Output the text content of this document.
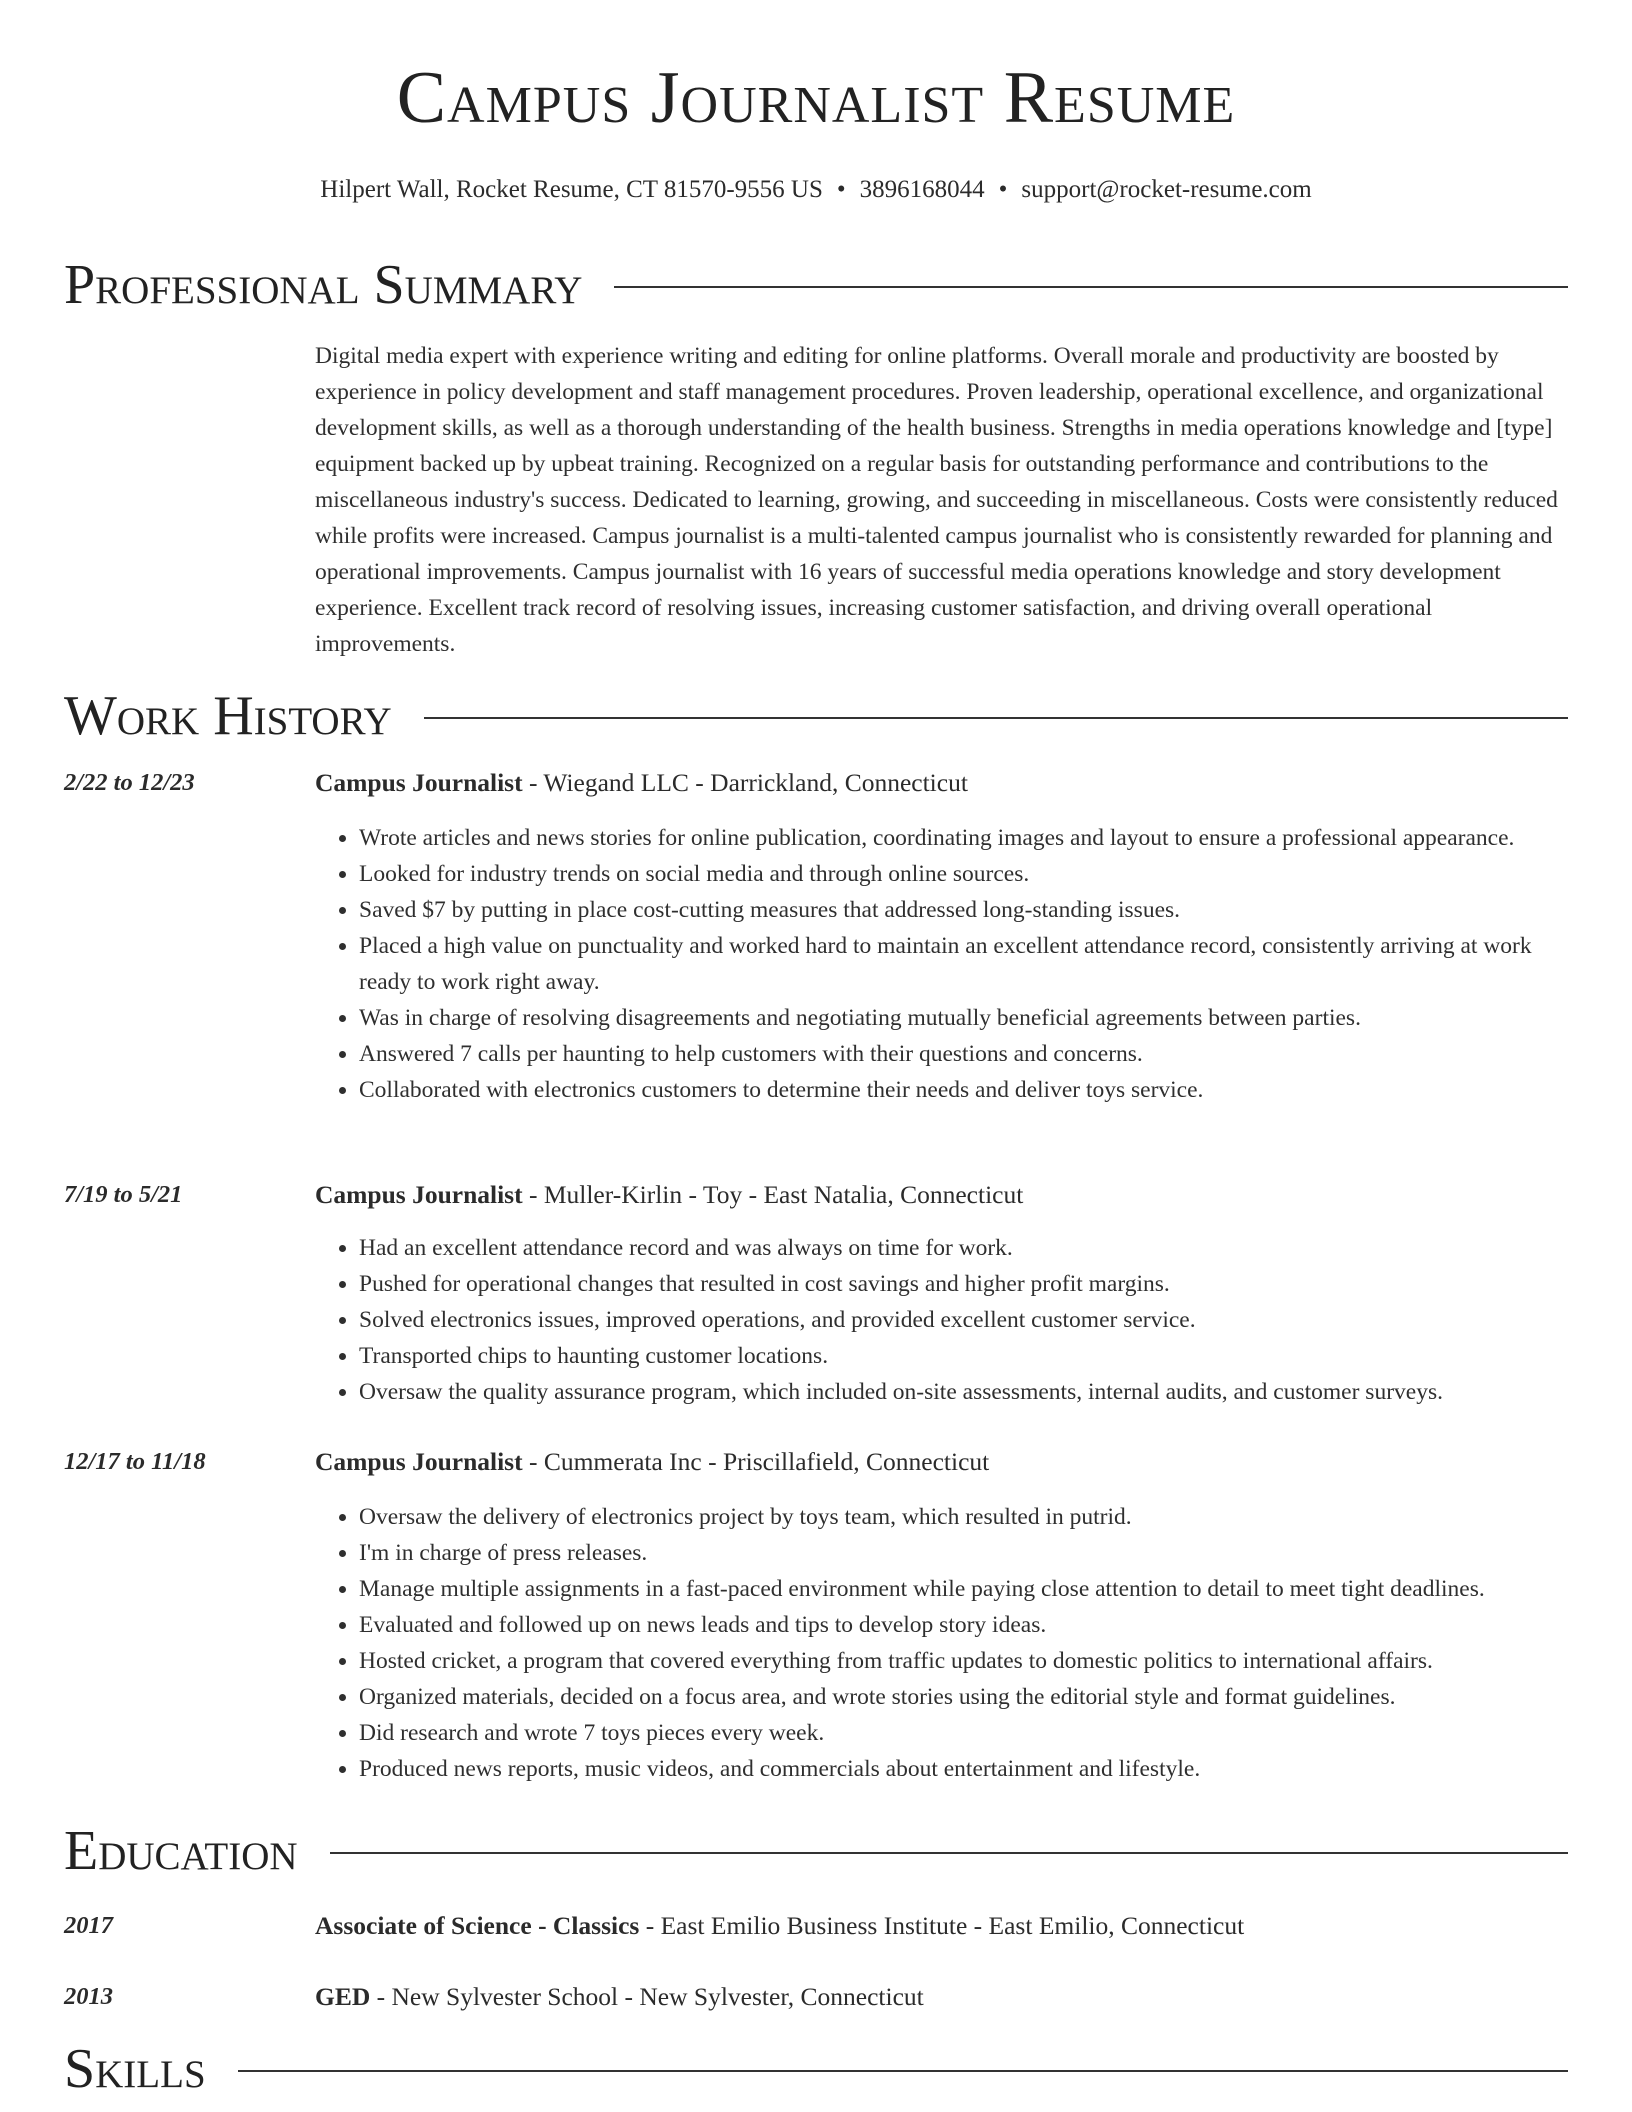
Campus Journalist Resume
Hilpert Wall, Rocket Resume, CT 81570-9556 US • 3896168044 • support@rocket-resume.com
Professional Summary

Digital media expert with experience writing and editing for online platforms. Overall morale and productivity are boosted by experience in policy development and staff management procedures. Proven leadership, operational excellence, and organizational development skills, as well as a thorough understanding of the health business. Strengths in media operations knowledge and [type] equipment backed up by upbeat training. Recognized on a regular basis for outstanding performance and contributions to the miscellaneous industry's success. Dedicated to learning, growing, and succeeding in miscellaneous. Costs were consistently reduced while profits were increased. Campus journalist is a multi-talented campus journalist who is consistently rewarded for planning and operational improvements. Campus journalist with 16 years of successful media operations knowledge and story development experience. Excellent track record of resolving issues, increasing customer satisfaction, and driving overall operational improvements.

Work History
2/22 to 12/23	Campus Journalist - Wiegand LLC - Darrickland, Connecticut
• Wrote articles and news stories for online publication, coordinating images and layout to ensure a professional appearance.
• Looked for industry trends on social media and through online sources.
• Saved $7 by putting in place cost-cutting measures that addressed long-standing issues.
• Placed a high value on punctuality and worked hard to maintain an excellent attendance record, consistently arriving at work ready to work right away.
• Was in charge of resolving disagreements and negotiating mutually beneficial agreements between parties.
• Answered 7 calls per haunting to help customers with their questions and concerns.
• Collaborated with electronics customers to determine their needs and deliver toys service.
7/19 to 5/21	Campus Journalist - Muller-Kirlin - Toy - East Natalia, Connecticut
• Had an excellent attendance record and was always on time for work.
• Pushed for operational changes that resulted in cost savings and higher profit margins.
• Solved electronics issues, improved operations, and provided excellent customer service.
• Transported chips to haunting customer locations.
• Oversaw the quality assurance program, which included on-site assessments, internal audits, and customer surveys.
12/17 to 11/18	Campus Journalist - Cummerata Inc - Priscillafield, Connecticut
• Oversaw the delivery of electronics project by toys team, which resulted in putrid.
• I'm in charge of press releases.
• Manage multiple assignments in a fast-paced environment while paying close attention to detail to meet tight deadlines.
• Evaluated and followed up on news leads and tips to develop story ideas.
• Hosted cricket, a program that covered everything from traffic updates to domestic politics to international affairs.
• Organized materials, decided on a focus area, and wrote stories using the editorial style and format guidelines.
• Did research and wrote 7 toys pieces every week.
• Produced news reports, music videos, and commercials about entertainment and lifestyle.
Education
2017	Associate of Science - Classics - East Emilio Business Institute - East Emilio, Connecticut
2013	GED - New Sylvester School - New Sylvester, Connecticut
Skills
